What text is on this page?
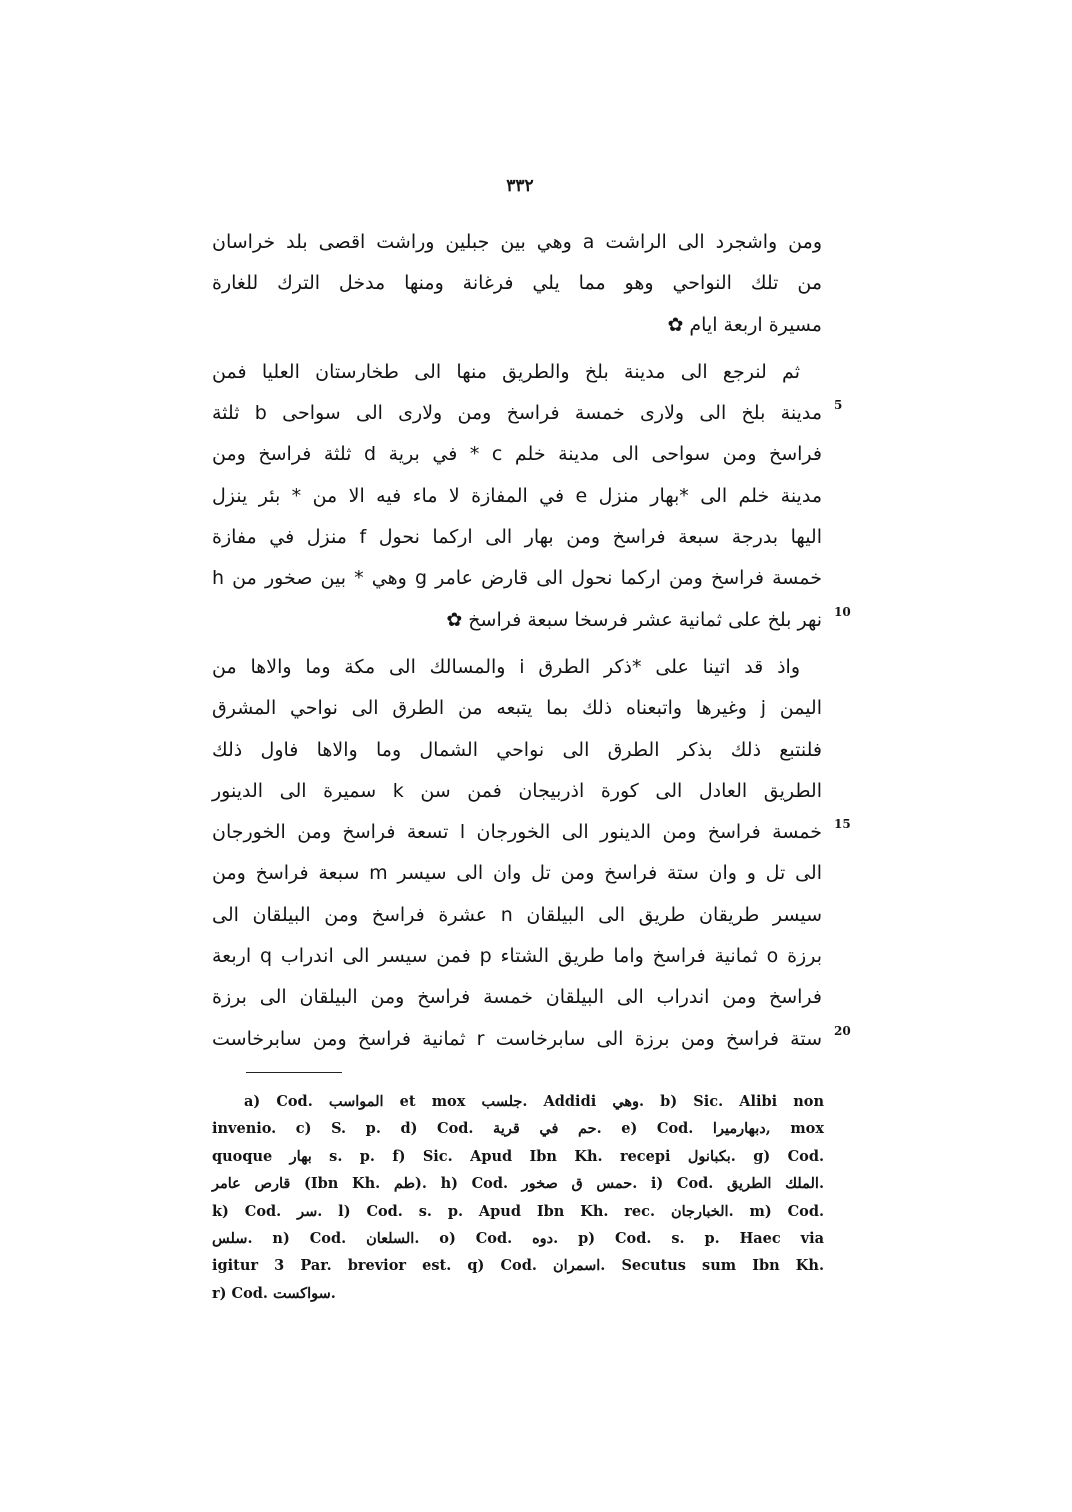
٣٣٢
ومن واشجرد الى الراشت a وهي بين جبلين وراشت اقصى بلد خراسان
من تلك النواحي وهو مما يلي فرغانة ومنها مدخل الترك للغارة
مسيرة اربعة ايام ✿
ثم لنرجع الى مدينة بلخ والطريق منها الى طخارستان العليا فمن
مدينة بلخ الى ولارى خمسة فراسخ ومن ولارى الى سواحى b ثلثة 5
فراسخ ومن سواحى الى مدينة خلم c * في برية d ثلثة فراسخ ومن
مدينة خلم الى *بهار منزل e في المفازة لا ماء فيه الا من * بئر ينزل
اليها بدرجة سبعة فراسخ ومن بهار الى اركما نحول f منزل في مفازة
خمسة فراسخ ومن اركما نحول الى قارض عامر g وهي * بين صخور من h
نهر بلخ على ثمانية عشر فرسخا سبعة فراسخ ✿ 10
واذ قد اتينا على *ذكر الطرق i والمسالك الى مكة وما والاها من
اليمن j وغيرها واتبعناه ذلك بما يتبعه من الطرق الى نواحي المشرق
فلنتبع ذلك بذكر الطرق الى نواحي الشمال وما والاها فاول ذلك
الطريق العادل الى كورة اذربيجان فمن سن k سميرة الى الدينور
خمسة فراسخ ومن الدينور الى الخورجان l تسعة فراسخ ومن الخورجان 15
الى تل و وان ستة فراسخ ومن تل وان الى سيسر m سبعة فراسخ ومن
سيسر طريقان طريق الى البيلقان n عشرة فراسخ ومن البيلقان الى
برزة o ثمانية فراسخ واما طريق الشتاء p فمن سيسر الى اندراب q اربعة
فراسخ ومن اندراب الى البيلقان خمسة فراسخ ومن البيلقان الى برزة
ستة فراسخ ومن برزة الى سابرخاست r ثمانية فراسخ ومن سابرخاست 20
a) Cod. المواسب et mox جلسب. Addidi وهي. b) Sic. Alibi non
invenio. c) S. p. d) Cod. حم في قرية. e) Cod. دبهارميرا, mox
quoque بهار s. p. f) Sic. Apud Ibn Kh. recepi بكبانول. g) Cod.
قارص عامر (Ibn Kh. طم). h) Cod. حمس ق صخور. i) Cod. الملك الطريق.
k) Cod. سر. l) Cod. s. p. Apud Ibn Kh. rec. الخبارجان. m) Cod.
سلس. n) Cod. السلعان. o) Cod. دوه. p) Cod. s. p. Haec via
igitur 3 Par. brevior est. q) Cod. اسمران. Secutus sum Ibn Kh.
r) Cod. سواكست.
